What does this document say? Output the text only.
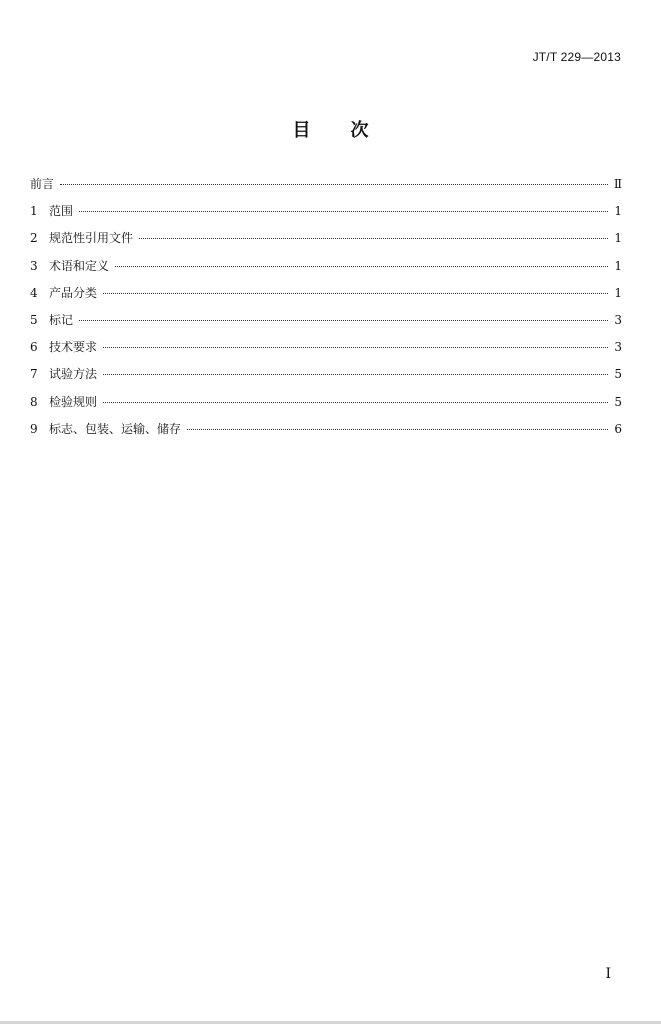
JT/T 229—2013
目 次
前言	Ⅱ
1 范围	1
2 规范性引用文件	1
3 术语和定义	1
4 产品分类	1
5 标记	3
6 技术要求	3
7 试验方法	5
8 检验规则	5
9 标志、包装、运输、储存	6
I
